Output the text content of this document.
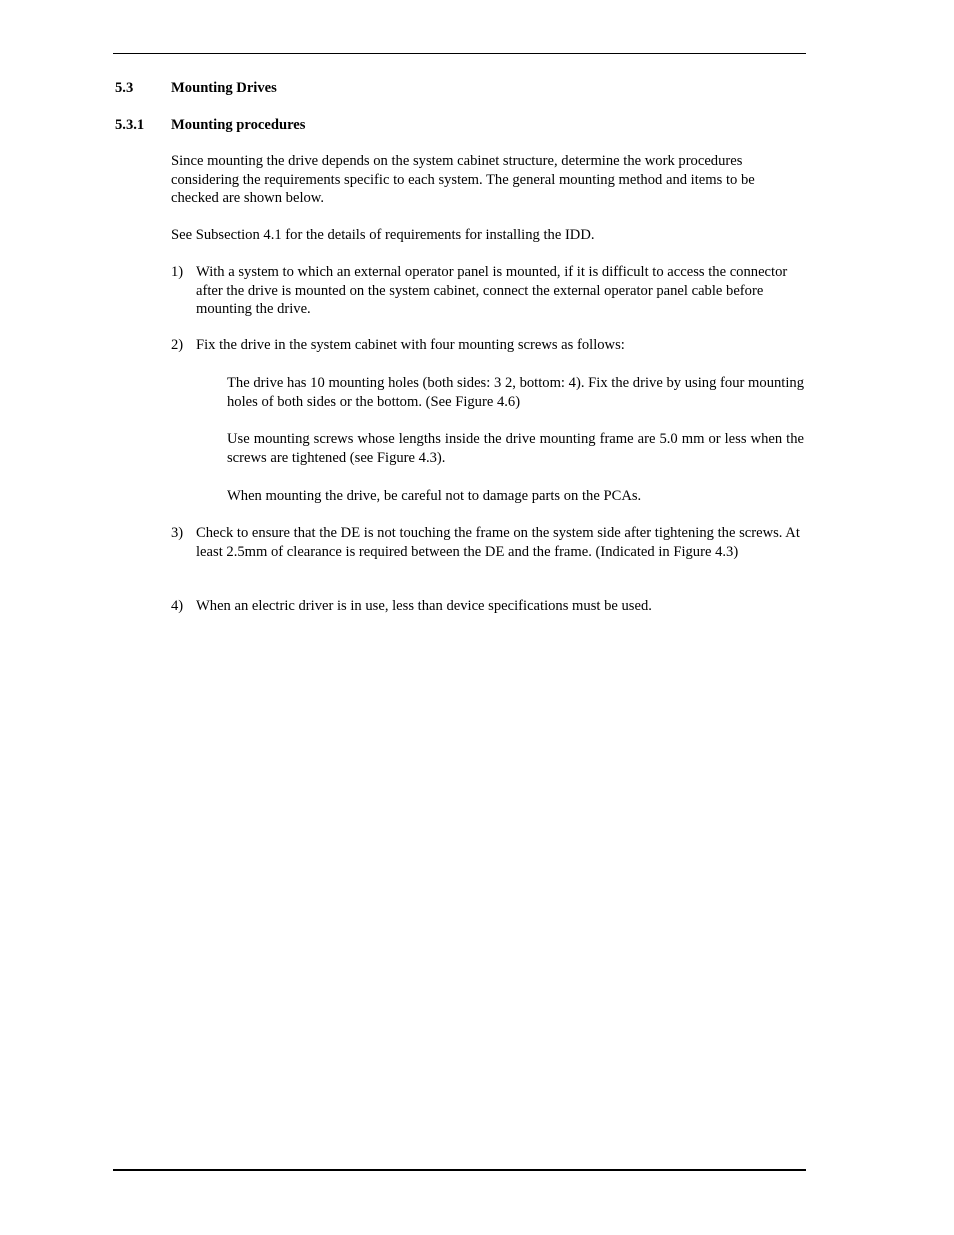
5.3	Mounting Drives
5.3.1 Mounting procedures

Since mounting the drive depends on the system cabinet structure, determine the work procedures considering the requirements specific to each system. The general mounting method and items to be checked are shown below.

See Subsection 4.1 for the details of requirements for installing the IDD.

1) With a system to which an external operator panel is mounted, if it is difficult to access the connector after the drive is mounted on the system cabinet, connect the external operator panel cable before mounting the drive.
2) Fix the drive in the system cabinet with four mounting screws as follows:

The drive has 10 mounting holes (both sides: 3 2, bottom: 4). Fix the drive by using four mounting holes of both sides or the bottom. (See Figure 4.6)

Use mounting screws whose lengths inside the drive mounting frame are 5.0 mm or less when the screws are tightened (see Figure 4.3).

When mounting the drive, be careful not to damage parts on the PCAs.

3) Check to ensure that the DE is not touching the frame on the system side after tightening the screws. At least 2.5mm of clearance is required between the DE and the frame. (Indicated in Figure 4.3)
4) When an electric driver is in use, less than device specifications must be used.
